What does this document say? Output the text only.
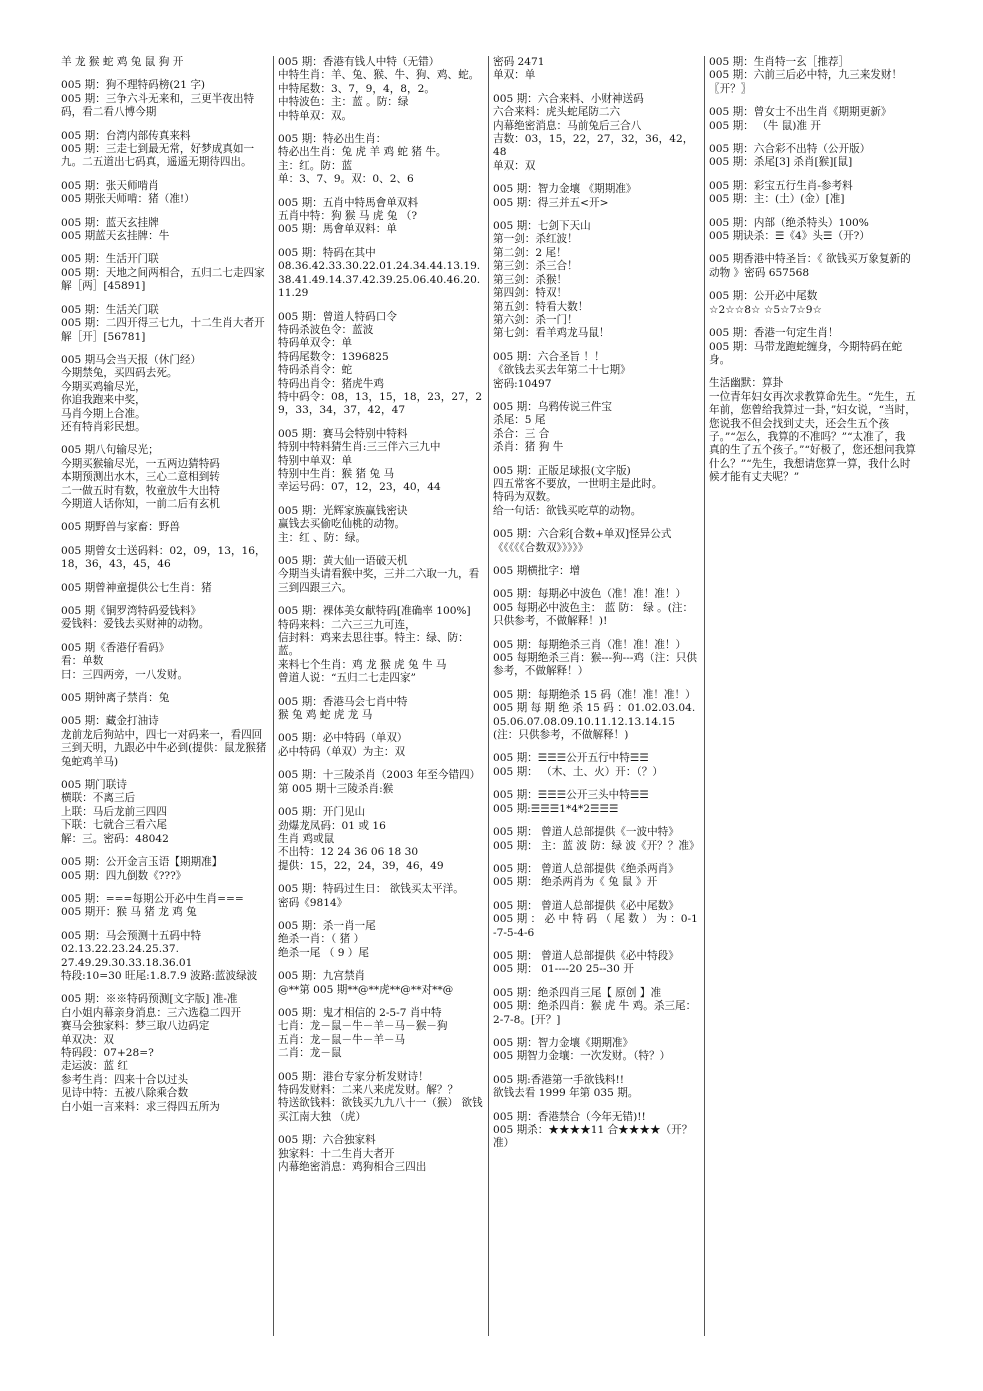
羊 龙 猴 蛇 鸡 兔 鼠 狗 开
005 期：狗不理特码榜(21 字)
005 期：三争六斗无来和，三更半夜出特码，看二看八博今期
005 期：台湾内部传真来料
005 期：三走七到最无常，好梦成真如一九。二五道出七码真，遥遥无期待四出。
005 期：张天师啃肖
005 期张天师啃：猪（准!）
005 期：蓝天玄挂牌
005 期蓝天玄挂牌：牛
005 期：生活开门联
005 期：天地之间两相合，五归二七走四家
解［两］[45891]
005 期：生活关门联
005 期：二四开得三七九，十二生肖大者开
解［开］[56781]
005 期马会当天报（休门经）
今期禁兔，买四码去死。
今期买鸡输尽光，
你追我跑来中奖，
马肖今期上合准。
还有特肖彩民想。
005 期八句输尽光；
今期买猴输尽光，一五两边猜特码
本期预测出水木，三心二意相到转
二一做五时有数，牧童放牛大出特
今期道人话你知，一前二后有玄机
005 期野兽与家畜：野兽
005 期曾女士送码料：02，09，13，16，18，36，43，45，46
005 期曾神童提供公七生肖：猪
005 期《铜罗湾特码爱钱料》
爱钱料：爱钱去买财神的动物。
005 期《香港仔看码》
看：单数
曰：三四两旁，一八发财。
005 期钟离子禁肖：兔
005 期：藏金打油诗
龙前龙后狗站中，四七一对码来一，看四回三到天明，九跟必中牛必到(提供：鼠龙猴猪兔蛇鸡羊马)
005 期门联诗
横联：不离三后
上联：马后龙前三四四
下联：七就合三看六尾
解：三。密码：48042
005 期：公开金言玉语【期期准】
005 期：四九倒数《???》
005 期：===每期公开必中生肖===
005 期开：猴 马 猪 龙 鸡 兔
005 期：马会预测十五码中特
02.13.22.23.24.25.37.
27.49.29.30.33.18.36.01
特段:10=30 旺尾:1.8.7.9 波路:蓝波绿波
005 期：※※特码预测[文字版] 准-准
白小姐内幕亲身消息：三六选稳二四开
赛马会独家料：梦三取八边码定
单双决：双
特码段：07+28=?
走运波：蓝 红
参考生肖：四来十合以过头
见诗中特：五被八除乘合数
白小姐一言来料：求三得四五所为
005 期：香港有钱人中特（无错）
中特生肖：羊、兔、猴、牛、狗、鸡、蛇。
中特尾数：3、7，9，4，8，2。
中特波色：主：蓝 。防：绿
中特单双：双。
005 期：特必出生肖：
特必出生肖：兔 虎 羊 鸡 蛇 猪 牛。
主：红。防：蓝
单：3、7、9。双：0、2、6
005 期：五肖中特馬會单双料
五肖中特：狗 猴 马 虎 兔 （?
005 期：馬會单双料：单
005 期：特码在其中
08.36.42.33.30.22.01.24.34.44.13.19.38.41.49.14.37.42.39.25.06.40.46.20.11.29
005 期：曾道人特码口令
特码杀波色令：蓝波
特码单双令：单
特码尾数令：1396825
特码杀肖令：蛇
特码出肖令：猪虎牛鸡
特中码令：08，13，15，18，23，27，29，33，34，37，42，47
005 期：赛马会特别中特料
特别中特料猜生肖:三三伴六三九中
特别中单双：单
特别中生肖：猴 猪 兔 马
幸运号码：07，12，23，40，44
005 期：光辉家族赢钱密诀
赢钱去买偷吃仙桃的动物。
主：红 、防：绿。
005 期：黄大仙一语破天机
今期当头请看猴中奖，三并二六取一九，看三到四跟三六。
005 期：裸体美女献特码[准确率 100%]
特码来料：二六三三九可连，
信封料：鸡来去思往事。特主：绿、防：蓝。
来料七个生肖：鸡 龙 猴 虎 兔 牛 马
曾道人说：“五归二七走四家”
005 期：香港马会七肖中特
猴 兔 鸡 蛇 虎 龙 马
005 期：必中特码（单双）
必中特码（单双）为主：双
005 期：十三陵杀肖（2003 年至今错四）
第 005 期十三陵杀肖:猴
005 期：开门见山
劲爆龙凤码：01 或 16
生肖 鸡或鼠
不出特：12 24 36 06 18 30
提供：15，22，24，39，46，49
005 期：特码过生日： 欲钱买太平洋。
密码《9814》
005 期：杀一肖一尾
绝杀一肖：（ 猪 ）
绝杀一尾 （ 9 ）尾
005 期：九宫禁肖
@**第 005 期**@**虎**@**对**@
005 期：鬼才相信的 2-5-7 肖中特
七肖：龙－鼠－牛－羊－马－猴－狗
五肖：龙－鼠－牛－羊－马
二肖：龙－鼠
005 期：港台专家分析发财诗！
特码发财料：二来八来虎发财。解？？
特送欲钱料：欲钱买九九八十一（猴） 欲钱买江南大独 （虎）
005 期：六合独家料
独家料：十二生肖大者开
内幕绝密消息：鸡狗相合三四出
密码 2471
单双：单
005 期：六合来料、小财神送码
六合来料：虎头蛇尾防二六
内幕绝密消息：马前兔后三合八
吉数：03，15，22，27，32，36，42，48
单双：双
005 期：智力金壤 《期期准》
005 期：得三并五<开>
005 期：七剑下天山
第一剑：杀红波！
第二剑：2 尾！
第三剑：杀三合！
第三剑：杀猴！
第四剑：特双！
第五剑：特看大数！
第六剑：杀一门！
第七剑：看羊鸡龙马鼠！
005 期：六合圣旨 ！！
《欲钱去买去年第二十七期》
密码:10497
005 期：乌鸦传说三件宝
杀尾：5 尾
杀合：三 合
杀肖：猪 狗 牛
005 期：正版足球报(文字版)
四五常客不要放，一世明主是此时。
特码为双数。
给一句话：欲钱买吃草的动物。
005 期：六合彩[合数+单双]怪异公式
《《《《《合数双》》》》》
005 期横批字：增
005 期：每期必中波色（准！准！准！）
005 每期必中波色主： 蓝 防： 绿 。(注：只供参考，不做解释！)!
005 期：每期绝杀三肖（准！准！准！）
005 每期绝杀三肖：猴---狗---鸡（注：只供参考，不做解释！）
005 期：每期绝杀 15 码（准！准！准！）
005 期 每 期 绝 杀 15 码 ：01.02.03.04.05.06.07.08.09.10.11.12.13.14.15(注：只供参考，不做解释！)
005 期：☰☰☰公开五行中特☰☰
005 期： （木、土、火）开：（？）
005 期：☰☰☰公开三头中特☰☰
005 期:☰☰☰1*4*2☰☰☰
005 期： 曾道人总部提供《一波中特》
005 期： 主：蓝 波 防：绿 波《开？？准》
005 期： 曾道人总部提供《绝杀两肖》
005 期： 绝杀两肖为《 兔 鼠 》开
005 期： 曾道人总部提供《必中尾数》
005 期 ： 必 中 特 码 （ 尾 数 ） 为 ：0-1-7-5-4-6
005 期： 曾道人总部提供《必中特段》
005 期： 01----20 25--30 开
005 期：绝杀四肖三尾【 原创 】准
005 期：绝杀四肖：猴 虎 牛 鸡。杀三尾：2-7-8。[开？]
005 期：智力金壤《期期准》
005 期智力金壤：一次发财。（特？）
005 期:香港第一手欲钱料!!
欲钱去看 1999 年第 035 期。
005 期：香港禁合（今年无错)!!
005 期杀：★★★★11 合★★★★（开？准）
005 期：生肖特一玄［推荐］
005 期：六前三后必中特，九三来发财！〖开？〗
005 期：曾女士不出生肖《期期更新》
005 期： （牛 鼠)准 开
005 期：六合彩不出特（公开版）
005 期：杀尾[3] 杀肖[猴][鼠]
005 期：彩宝五行生肖-参考料
005 期：主：(土）(金）[准]
005 期：内部（绝杀特头）100%
005 期诀杀：☰《4》头☰（开?）
005 期香港中特圣旨：《 欲钱买万象复新的动物 》密码 657568
005 期：公开必中尾数
☆2☆☆8☆ ☆5☆7☆9☆
005 期：香港一句定生肖！
005 期：马带龙跑蛇缠身，今期特码在蛇身。
生活幽默：算卦
一位青年妇女再次求教算命先生。“先生，五年前，您曾给我算过一卦，”妇女说，“当时，您说我不但会找到丈夫，还会生五个孩子。”“怎么，我算的不准吗？”“太准了，我真的生了五个孩子。”“好极了，您还想问我算什么？”“先生，我想请您算一算，我什么时候才能有丈夫呢？”
